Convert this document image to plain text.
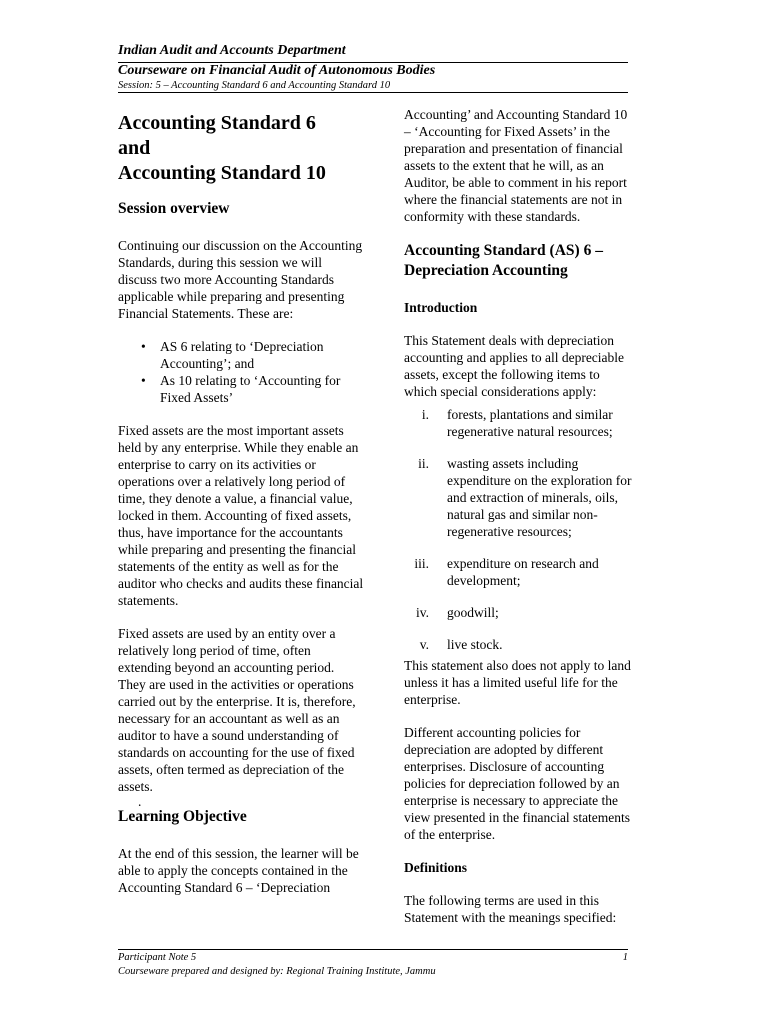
Indian Audit and Accounts Department
Courseware on Financial Audit of Autonomous Bodies
Session: 5 – Accounting Standard 6 and Accounting Standard 10
Accounting Standard 6
and
Accounting Standard 10
Session overview

Continuing our discussion on the Accounting Standards, during this session we will discuss two more Accounting Standards applicable while preparing and presenting Financial Statements. These are:

• AS 6 relating to ‘Depreciation Accounting’; and
• As 10 relating to ‘Accounting for Fixed Assets’

Fixed assets are the most important assets held by any enterprise. While they enable an enterprise to carry on its activities or operations over a relatively long period of time, they denote a value, a financial value, locked in them. Accounting of fixed assets, thus, have importance for the accountants while preparing and presenting the financial statements of the entity as well as for the auditor who checks and audits these financial statements.

Fixed assets are used by an entity over a relatively long period of time, often extending beyond an accounting period. They are used in the activities or operations carried out by the enterprise. It is, therefore, necessary for an accountant as well as an auditor to have a sound understanding of standards on accounting for the use of fixed assets, often termed as depreciation of the assets.

.
Learning Objective

At the end of this session, the learner will be able to apply the concepts contained in the Accounting Standard 6 – ‘Depreciation

Accounting’ and Accounting Standard 10 – ‘Accounting for Fixed Assets’ in the preparation and presentation of financial assets to the extent that he will, as an Auditor, be able to comment in his report where the financial statements are not in conformity with these standards.

Accounting Standard (AS) 6 – Depreciation Accounting
Introduction

This Statement deals with depreciation accounting and applies to all depreciable assets, except the following items to which special considerations apply:

i. forests, plantations and similar regenerative natural resources;
ii. wasting assets including expenditure on the exploration for and extraction of minerals, oils, natural gas and similar non-regenerative resources;
iii. expenditure on research and development;
iv. goodwill;
v. live stock.

This statement also does not apply to land unless it has a limited useful life for the enterprise.

Different accounting policies for depreciation are adopted by different enterprises. Disclosure of accounting policies for depreciation followed by an enterprise is necessary to appreciate the view presented in the financial statements of the enterprise.

Definitions

The following terms are used in this Statement with the meanings specified:

Participant Note 5	1
Courseware prepared and designed by: Regional Training Institute, Jammu
